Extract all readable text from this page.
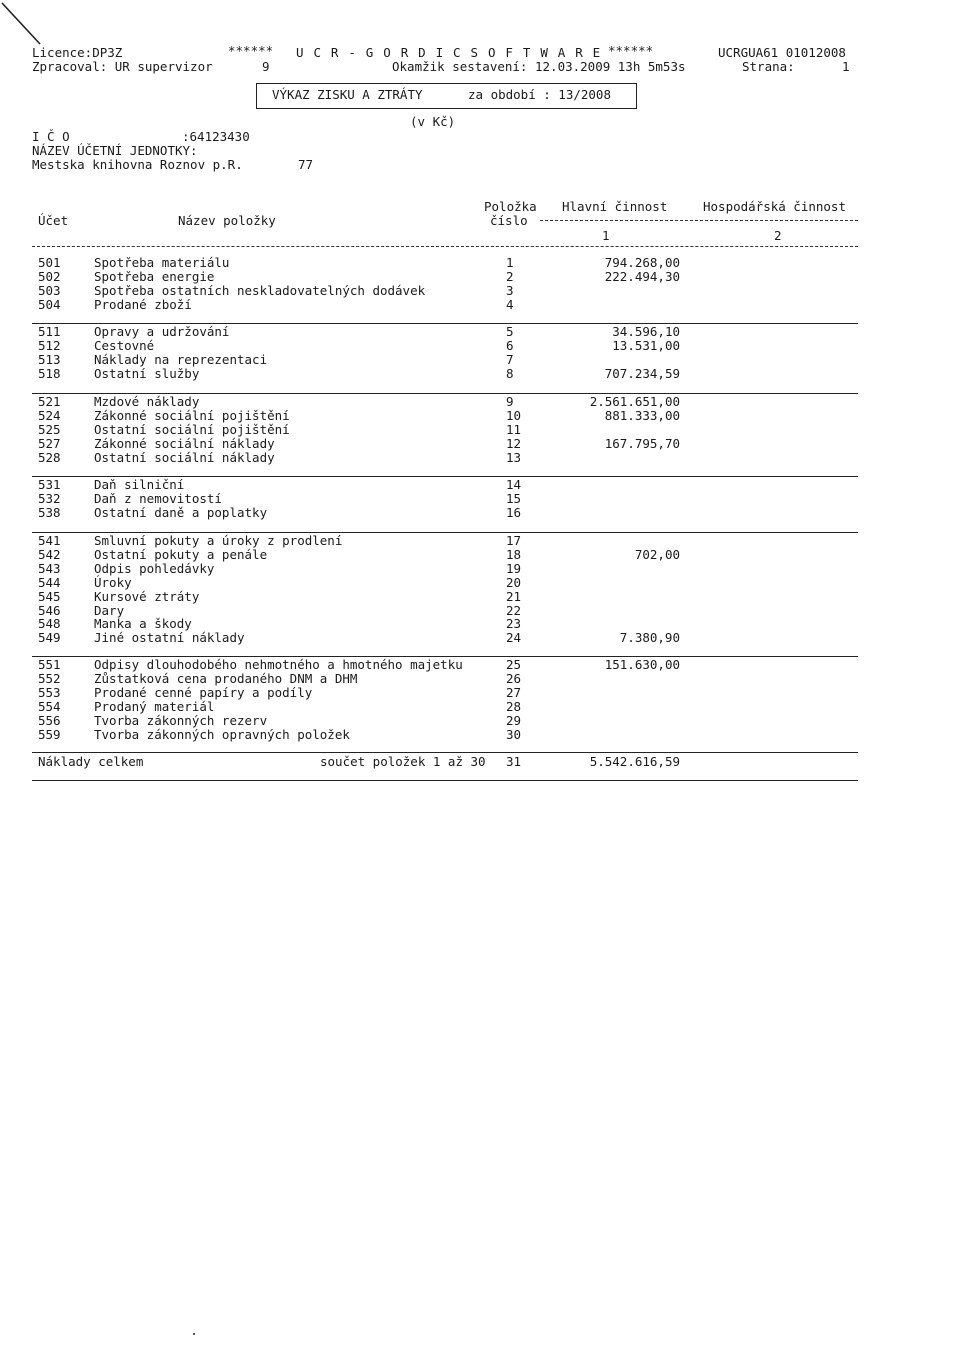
Licence:DP3Z	****** U C R - G O R D I C S O F T W A R E ******	UCRGUA61 01012008
Zpracoval: UR supervizor	9	Okamžik sestavení: 12.03.2009 13h 5m53s	Strana:	1
VÝKAZ ZISKU A ZTRÁTY	za období : 13/2008
(v Kč)
I Č O	:64123430
NÁZEV ÚČETNÍ JEDNOTKY:
Mestska knihovna Roznov p.R.	77
Položka Hlavní činnost	Hospodářská činnost
Účet	Název položky	číslo
1	2
501	Spotřeba materiálu	1	794.268,00
502	Spotřeba energie	2	222.494,30
503	Spotřeba ostatních neskladovatelných dodávek	3
504	Prodané zboží	4
511	Opravy a udržování	5	34.596,10
512	Cestovné	6	13.531,00
513	Náklady na reprezentaci	7
518	Ostatní služby	8	707.234,59
521	Mzdové náklady	9	2.561.651,00
524	Zákonné sociální pojištění	10	881.333,00
525	Ostatní sociální pojištění	11
527	Zákonné sociální náklady	12	167.795,70
528	Ostatní sociální náklady	13
531	Daň silniční	14
532	Daň z nemovitostí	15
538	Ostatní daně a poplatky	16
541	Smluvní pokuty a úroky z prodlení	17
542	Ostatní pokuty a penále	18	702,00
543	Odpis pohledávky	19
544	Úroky	20
545	Kursové ztráty	21
546	Dary	22
548	Manka a škody	23
549	Jiné ostatní náklady	24	7.380,90
551	Odpisy dlouhodobého nehmotného a hmotného majetku	25	151.630,00
552	Zůstatková cena prodaného DNM a DHM	26
553	Prodané cenné papíry a podíly	27
554	Prodaný materiál	28
556	Tvorba zákonných rezerv	29
559	Tvorba zákonných opravných položek	30
Náklady celkem	součet položek 1 až 30 31	5.542.616,59
